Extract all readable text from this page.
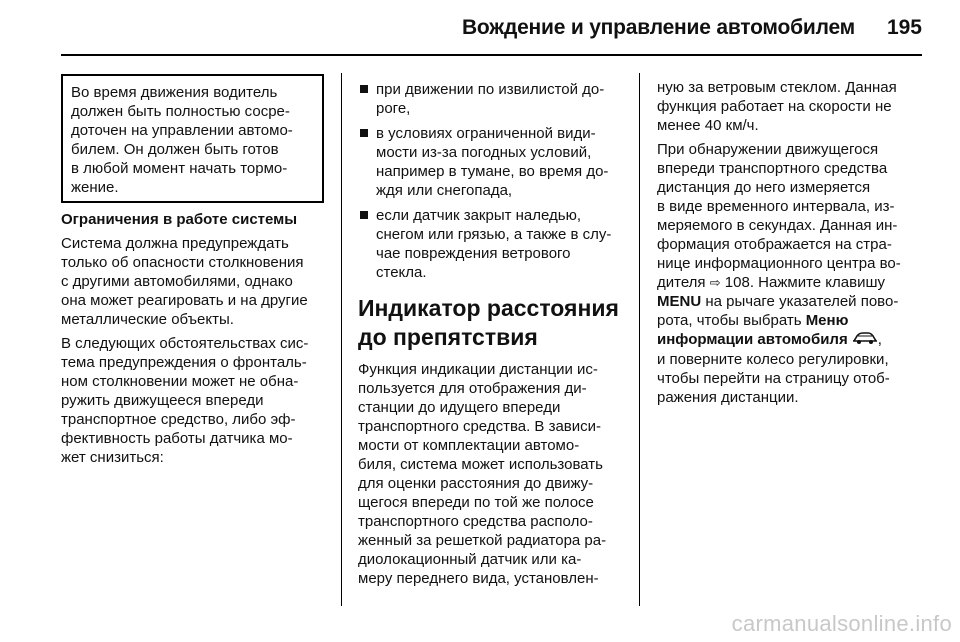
Вождение и управление автомобилем	195

Во время движения водитель
должен быть полностью сосре-
доточен на управлении автомо-
билем. Он должен быть готов
в любой момент начать тормо-
жение.

Ограничения в работе системы

Система должна предупреждать
только об опасности столкновения
с другими автомобилями, однако
она может реагировать и на другие
металлические объекты.

В следующих обстоятельствах сис-
тема предупреждения о фронталь-
ном столкновении может не обна-
ружить движущееся впереди
транспортное средство, либо эф-
фективность работы датчика мо-
жет снизиться:

при движении по извилистой до-
роге,
в условиях ограниченной види-
мости из-за погодных условий,
например в тумане, во время до-
ждя или снегопада,
если датчик закрыт наледью,
снегом или грязью, а также в слу-
чае повреждения ветрового
стекла.
Индикатор расстояния
до препятствия

Функция индикации дистанции ис-
пользуется для отображения ди-
станции до идущего впереди
транспортного средства. В зависи-
мости от комплектации автомо-
биля, система может использовать
для оценки расстояния до движу-
щегося впереди по той же полосе
транспортного средства располо-
женный за решеткой радиатора ра-
диолокационный датчик или ка-
меру переднего вида, установлен-

ную за ветровым стеклом. Данная
функция работает на скорости не
менее 40 км/ч.

При обнаружении движущегося
впереди транспортного средства
дистанция до него измеряется
в виде временного интервала, из-
меряемого в секундах. Данная ин-
формация отображается на стра-
нице информационного центра во-
дителя ⇨ 108. Нажмите клавишу
MENU на рычаге указателей пово-
рота, чтобы выбрать Меню
информации автомобиля ,
и поверните колесо регулировки,
чтобы перейти на страницу отоб-
ражения дистанции.

carmanualsonline.info
